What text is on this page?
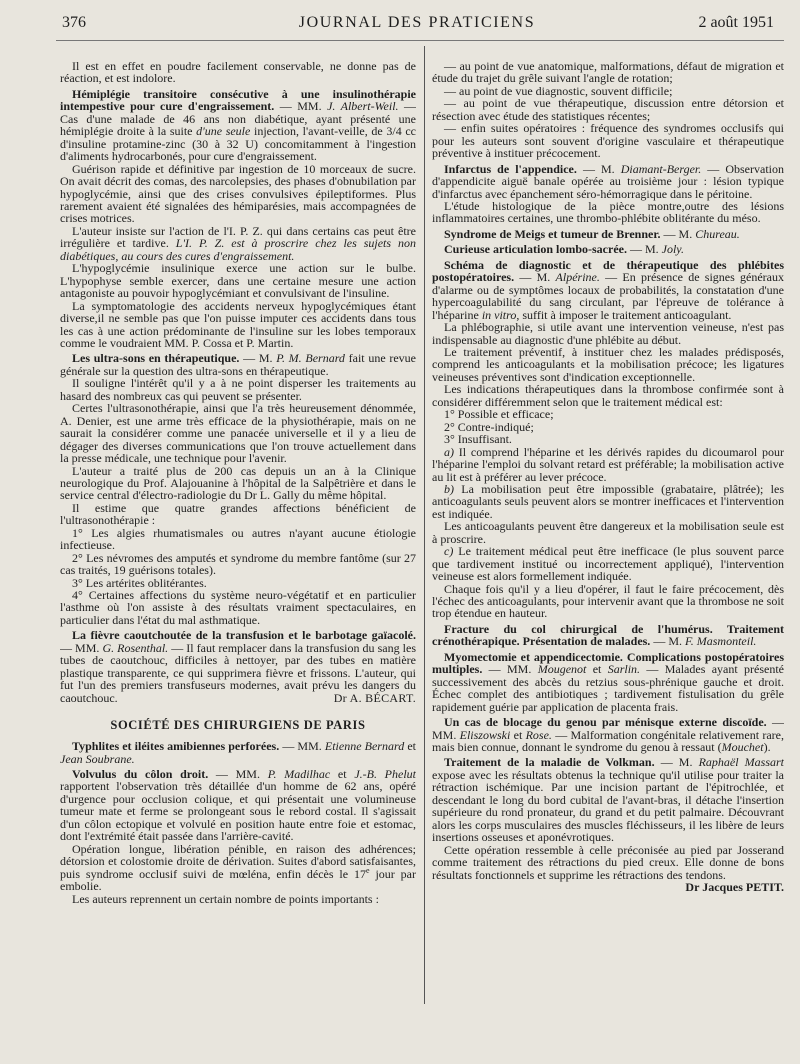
376	JOURNAL DES PRATICIENS	2 août 1951

Il est en effet en poudre facilement conservable, ne donne pas de réaction, et est indolore.

Hémiplégie transitoire consécutive à une insulinothérapie intempestive pour cure d'engraissement. — MM. J. Albert-Weil. — Cas d'une malade de 46 ans non diabétique, ayant présenté une hémiplégie droite à la suite d'une seule injection, l'avant-veille, de 3/4 cc d'insuline protamine-zinc (30 à 32 U) concomitamment à l'ingestion d'aliments hydrocarbonés, pour cure d'engraissement.

Guérison rapide et définitive par ingestion de 10 morceaux de sucre. On avait décrit des comas, des narcolepsies, des phases d'obnubilation par hypoglycémie, ainsi que des crises convulsives épileptiformes. Plus rarement avaient été signalées des hémiparésies, mais accompagnées de crises motrices.

L'auteur insiste sur l'action de l'I. P. Z. qui dans certains cas peut être irrégulière et tardive. L'I. P. Z. est à proscrire chez les sujets non diabétiques, au cours des cures d'engraissement.

L'hypoglycémie insulinique exerce une action sur le bulbe. L'hypophyse semble exercer, dans une certaine mesure une action antagoniste au pouvoir hypoglycémiant et convulsivant de l'insuline.

La symptomatologie des accidents nerveux hypoglycémiques étant diverse,il ne semble pas que l'on puisse imputer ces accidents dans tous les cas à une action prédominante de l'insuline sur les lobes temporaux comme le voudraient MM. P. Cossa et P. Martin.

Les ultra-sons en thérapeutique. — M. P. M. Bernard fait une revue générale sur la question des ultra-sons en thérapeutique.

Il souligne l'intérêt qu'il y a à ne point disperser les traitements au hasard des nombreux cas qui peuvent se présenter.

Certes l'ultrasonothérapie, ainsi que l'a très heureusement dénommée, A. Denier, est une arme très efficace de la physiothérapie, mais on ne saurait la considérer comme une panacée universelle et il y a lieu de dégager des diverses communications que l'on trouve actuellement dans la presse médicale, une technique pour l'avenir.

L'auteur a traité plus de 200 cas depuis un an à la Clinique neurologique du Prof. Alajouanine à l'hôpital de la Salpêtrière et dans le service central d'électro-radiologie du Dr L. Gally du même hôpital.

Il estime que quatre grandes affections bénéficient de l'ultrasonothérapie :

1° Les algies rhumatismales ou autres n'ayant aucune étiologie infectieuse.

2° Les névromes des amputés et syndrome du membre fantôme (sur 27 cas traités, 19 guérisons totales).

3° Les artérites oblitérantes.

4° Certaines affections du système neuro-végétatif et en particulier l'asthme où l'on assiste à des résultats vraiment spectaculaires, en particulier dans l'état du mal asthmatique.

La fièvre caoutchoutée de la transfusion et le barbotage gaïacolé. — MM. G. Rosenthal. — Il faut remplacer dans la transfusion du sang les tubes de caoutchouc, difficiles à nettoyer, par des tubes en matière plastique transparente, ce qui supprimera fièvre et frissons. L'auteur, qui fut l'un des premiers transfuseurs modernes, avait prévu les dangers du caoutchouc.	Dr A. BÉCART.

SOCIÉTÉ DES CHIRURGIENS DE PARIS

Typhlites et iléites amibiennes perforées. — MM. Etienne Bernard et Jean Soubrane.

Volvulus du côlon droit. — MM. P. Madilhac et J.-B. Phelut rapportent l'observation très détaillée d'un homme de 62 ans, opéré d'urgence pour occlusion colique, et qui présentait une volumineuse tumeur mate et ferme se prolongeant sous le rebord costal. Il s'agissait d'un côlon ectopique et volvulé en position haute entre foie et estomac, dont l'extrémité était passée dans l'arrière-cavité.

Opération longue, libération pénible, en raison des adhérences; détorsion et colostomie droite de dérivation. Suites d'abord satisfaisantes, puis syndrome occlusif suivi de mœléna, enfin décès le 17e jour par embolie.

Les auteurs reprennent un certain nombre de points importants :

— au point de vue anatomique, malformations, défaut de migration et étude du trajet du grêle suivant l'angle de rotation;

— au point de vue diagnostic, souvent difficile;

— au point de vue thérapeutique, discussion entre détorsion et résection avec étude des statistiques récentes;

— enfin suites opératoires : fréquence des syndromes occlusifs qui pour les auteurs sont souvent d'origine vasculaire et thérapeutique préventive à instituer précocement.

Infarctus de l'appendice. — M. Diamant-Berger. — Observation d'appendicite aiguë banale opérée au troisième jour : lésion typique d'infarctus avec épanchement séro-hémorragique dans le péritoine.

L'étude histologique de la pièce montre,outre des lésions inflammatoires certaines, une thrombo-phlébite oblitérante du méso.

Syndrome de Meigs et tumeur de Brenner. — M. Chureau.

Curieuse articulation lombo-sacrée. — M. Joly.

Schéma de diagnostic et de thérapeutique des phlébites postopératoires. — M. Alpérine. — En présence de signes généraux d'alarme ou de symptômes locaux de probabilités, la constatation d'une hypercoagulabilité du sang circulant, par l'épreuve de tolérance à l'héparine in vitro, suffit à imposer le traitement anticoagulant.

La phlébographie, si utile avant une intervention veineuse, n'est pas indispensable au diagnostic d'une phlébite au début.

Le traitement préventif, à instituer chez les malades prédisposés, comprend les anticoagulants et la mobilisation précoce; les ligatures veineuses préventives sont d'indication exceptionnelle.

Les indications thérapeutiques dans la thrombose confirmée sont à considérer différemment selon que le traitement médical est:

1° Possible et efficace;

2° Contre-indiqué;

3° Insuffisant.

a) Il comprend l'héparine et les dérivés rapides du dicoumarol pour l'héparine l'emploi du solvant retard est préférable; la mobilisation active au lit est à préférer au lever précoce.

b) La mobilisation peut être impossible (grabataire, plâtrée); les anticoagulants seuls peuvent alors se montrer inefficaces et l'intervention est indiquée.

Les anticoagulants peuvent être dangereux et la mobilisation seule est à proscrire.

c) Le traitement médical peut être inefficace (le plus souvent parce que tardivement institué ou incorrectement appliqué), l'intervention veineuse est alors formellement indiquée.

Chaque fois qu'il y a lieu d'opérer, il faut le faire précocement, dès l'échec des anticoagulants, pour intervenir avant que la thrombose ne soit trop étendue en hauteur.

Fracture du col chirurgical de l'humérus. Traitement crénothérapique. Présentation de malades. — M. F. Masmonteil.

Myomectomie et appendicectomie. Complications postopératoires multiples. — MM. Mougenot et Sarlin. — Malades ayant présenté successivement des abcès du retzius sous-phrénique gauche et droit. Échec complet des antibiotiques ; tardivement fistulisation du grêle rapidement guérie par application de placenta frais.

Un cas de blocage du genou par ménisque externe discoïde. — MM. Eliszowski et Rose. — Malformation congénitale relativement rare, mais bien connue, donnant le syndrome du genou à ressaut (Mouchet).

Traitement de la maladie de Volkman. — M. Raphaël Massart expose avec les résultats obtenus la technique qu'il utilise pour traiter la rétraction ischémique. Par une incision partant de l'épitrochlée, et descendant le long du bord cubital de l'avant-bras, il détache l'insertion supérieure du rond pronateur, du grand et du petit palmaire. Découvrant alors les corps musculaires des muscles fléchisseurs, il les libère de leurs insertions osseuses et aponévrotiques.

Cette opération ressemble à celle préconisée au pied par Josserand comme traitement des rétractions du pied creux. Elle donne de bons résultats fonctionnels et supprime les rétractions des tendons.
Dr Jacques PETIT.
